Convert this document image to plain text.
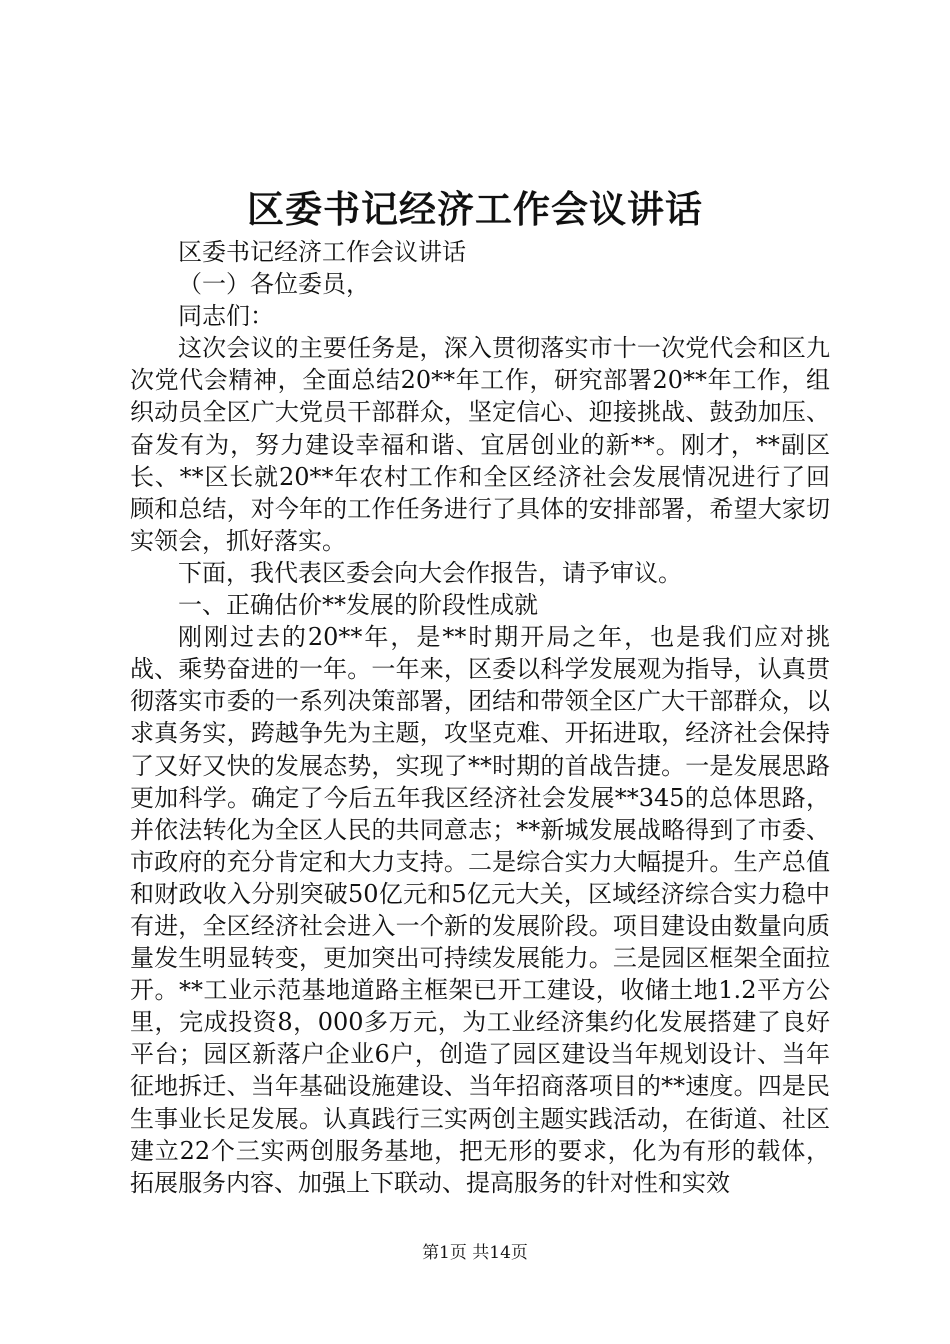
区委书记经济工作会议讲话

区委书记经济工作会议讲话

（一）各位委员，

同志们：

这次会议的主要任务是，深入贯彻落实市十一次党代会和区九次党代会精神，全面总结20**年工作，研究部署20**年工作，组织动员全区广大党员干部群众，坚定信心、迎接挑战、鼓劲加压、奋发有为，努力建设幸福和谐、宜居创业的新**。刚才，**副区长、**区长就20**年农村工作和全区经济社会发展情况进行了回顾和总结，对今年的工作任务进行了具体的安排部署，希望大家切实领会，抓好落实。

下面，我代表区委会向大会作报告，请予审议。

一、正确估价**发展的阶段性成就

刚刚过去的20**年，是**时期开局之年，也是我们应对挑战、乘势奋进的一年。一年来，区委以科学发展观为指导，认真贯彻落实市委的一系列决策部署，团结和带领全区广大干部群众，以求真务实，跨越争先为主题，攻坚克难、开拓进取，经济社会保持了又好又快的发展态势，实现了**时期的首战告捷。一是发展思路更加科学。确定了今后五年我区经济社会发展**345的总体思路，并依法转化为全区人民的共同意志；**新城发展战略得到了市委、市政府的充分肯定和大力支持。二是综合实力大幅提升。生产总值和财政收入分别突破50亿元和5亿元大关，区域经济综合实力稳中有进，全区经济社会进入一个新的发展阶段。项目建设由数量向质量发生明显转变，更加突出可持续发展能力。三是园区框架全面拉开。**工业示范基地道路主框架已开工建设，收储土地1.2平方公里，完成投资8，000多万元，为工业经济集约化发展搭建了良好平台；园区新落户企业6户，创造了园区建设当年规划设计、当年征地拆迁、当年基础设施建设、当年招商落项目的**速度。四是民生事业长足发展。认真践行三实两创主题实践活动，在街道、社区建立22个三实两创服务基地，把无形的要求，化为有形的载体，拓展服务内容、加强上下联动、提高服务的针对性和实效

第1页 共14页
